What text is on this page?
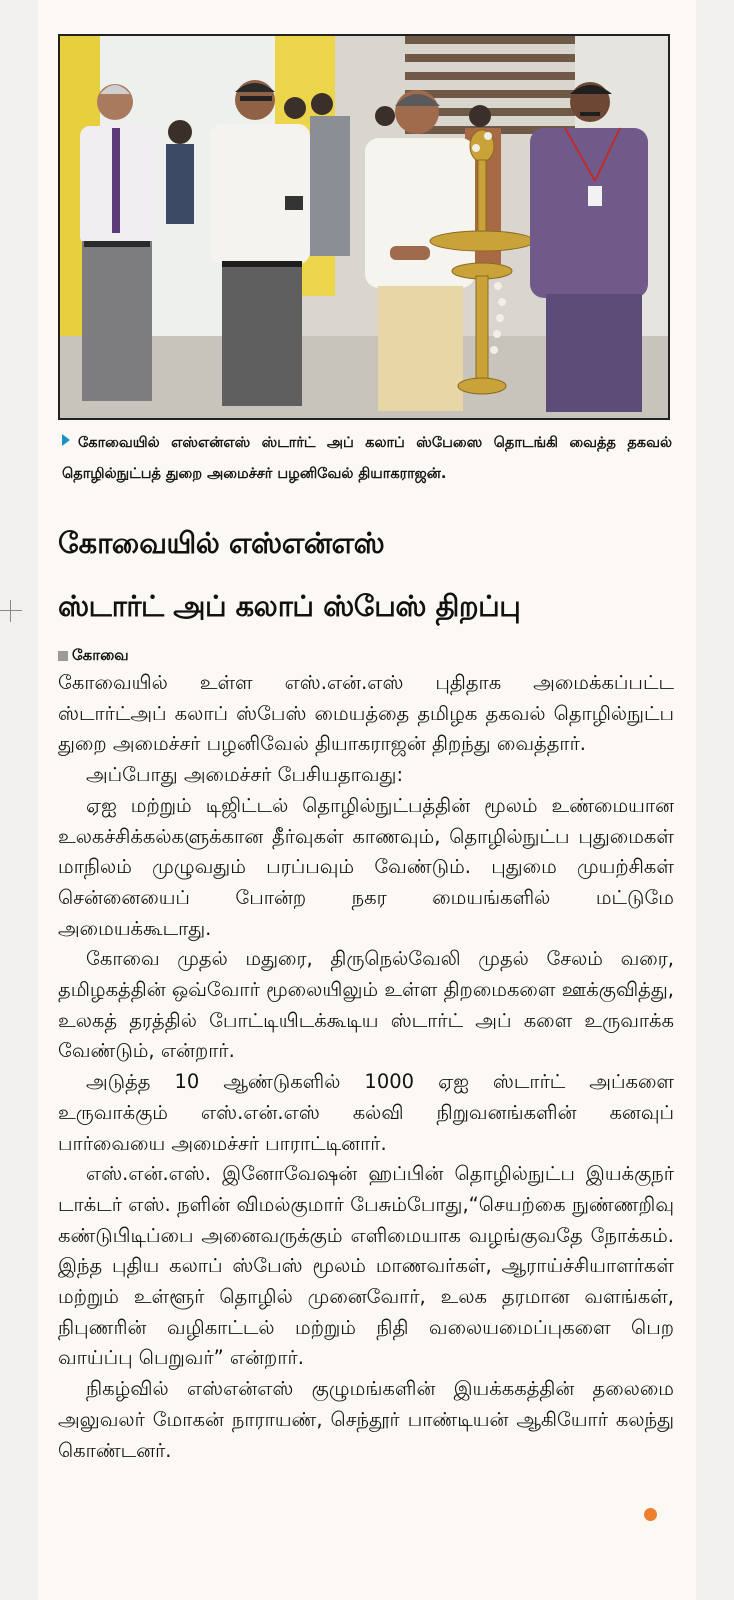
கோவையில் எஸ்என்எஸ் ஸ்டார்ட் அப் கலாப் ஸ்பேஸை தொடங்கி வைத்த தகவல் தொழில்நுட்பத் துறை அமைச்சர் பழனிவேல் தியாகராஜன்.
கோவையில் எஸ்என்எஸ்
ஸ்டார்ட் அப் கலாப் ஸ்பேஸ் திறப்பு
கோவை

கோவையில் உள்ள எஸ்.என்.எஸ் புதிதாக அமைக்கப்பட்ட ஸ்டார்ட்அப் கலாப் ஸ்பேஸ் மையத்தை தமிழக தகவல் தொழில்நுட்ப துறை அமைச்சர் பழனிவேல் தியாகராஜன் திறந்து வைத்தார்.

அப்போது அமைச்சர் பேசியதாவது:

ஏஐ மற்றும் டிஜிட்டல் தொழில்நுட்பத்தின் மூலம் உண்மையான உலகச்சிக்கல்களுக்கான தீர்வுகள் காணவும், தொழில்நுட்ப புதுமைகள் மாநிலம் முழுவதும் பரப்பவும் வேண்டும். புதுமை முயற்சிகள் சென்னையைப் போன்ற நகர மையங்களில் மட்டுமே அமையக்கூடாது.

கோவை முதல் மதுரை, திருநெல்வேலி முதல் சேலம் வரை, தமிழகத்தின் ஒவ்வோர் மூலையிலும் உள்ள திறமைகளை ஊக்குவித்து, உலகத் தரத்தில் போட்டியிடக்கூடிய ஸ்டார்ட் அப் களை உருவாக்க வேண்டும், என்றார்.

அடுத்த 10 ஆண்டுகளில் 1000 ஏஐ ஸ்டார்ட் அப்களை உருவாக்கும் எஸ்.என்.எஸ் கல்வி நிறுவனங்களின் கனவுப் பார்வையை அமைச்சர் பாராட்டினார்.

எஸ்.என்.எஸ். இனோவேஷன் ஹப்பின் தொழில்நுட்ப இயக்குநர் டாக்டர் எஸ். நளின் விமல்குமார் பேசும்போது,“செயற்கை நுண்ணறிவு கண்டுபிடிப்பை அனைவருக்கும் எளிமையாக வழங்குவதே நோக்கம். இந்த புதிய கலாப் ஸ்பேஸ் மூலம் மாணவர்கள், ஆராய்ச்சியாளர்கள் மற்றும் உள்ளூர் தொழில் முனைவோர், உலக தரமான வளங்கள், நிபுணரின் வழிகாட்டல் மற்றும் நிதி வலையமைப்புகளை பெற வாய்ப்பு பெறுவர்” என்றார்.

நிகழ்வில் எஸ்என்எஸ் குழுமங்களின் இயக்ககத்தின் தலைமை அலுவலர் மோகன் நாராயண், செந்தூர் பாண்டியன் ஆகியோர் கலந்து கொண்டனர்.
